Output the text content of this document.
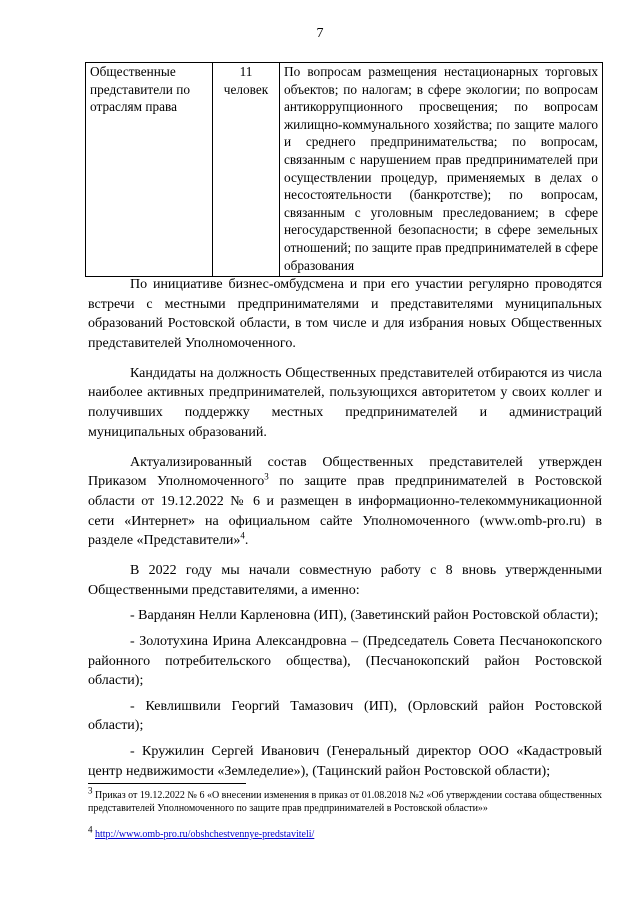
7
Общественные представители по отраслям права	11 человек	По вопросам размещения нестационарных торговых объектов; по налогам; в сфере экологии; по вопросам антикоррупционного просвещения; по вопросам жилищно-коммунального хозяйства; по защите малого и среднего предпринимательства; по вопросам, связанным с нарушением прав предпринимателей при осуществлении процедур, применяемых в делах о несостоятельности (банкротстве); по вопросам, связанным с уголовным преследованием; в сфере негосударственной безопасности; в сфере земельных отношений; по защите прав предпринимателей в сфере образования

По инициативе бизнес-омбудсмена и при его участии регулярно проводятся встречи с местными предпринимателями и представителями муниципальных образований Ростовской области, в том числе и для избрания новых Общественных представителей Уполномоченного.

Кандидаты на должность Общественных представителей отбираются из числа наиболее активных предпринимателей, пользующихся авторитетом у своих коллег и получивших поддержку местных предпринимателей и администраций муниципальных образований.

Актуализированный состав Общественных представителей утвержден Приказом Уполномоченного$^3$ по защите прав предпринимателей в Ростовской области от 19.12.2022 № 6 и размещен в информационно-телекоммуникационной сети «Интернет» на официальном сайте Уполномоченного (www.omb-pro.ru) в разделе «Представители»$^4$.

В 2022 году мы начали совместную работу с 8 вновь утвержденными Общественными представителями, а именно:

- Варданян Нелли Карленовна (ИП), (Заветинский район Ростовской области);

- Золотухина Ирина Александровна – (Председатель Совета Песчанокопского районного потребительского общества), (Песчанокопский район Ростовской области);

- Кевлишвили Георгий Тамазович (ИП), (Орловский район Ростовской области);

- Кружилин Сергей Иванович (Генеральный директор ООО «Кадастровый центр недвижимости «Земледелие»), (Тацинский район Ростовской области);

$^3$ Приказ от 19.12.2022 № 6 «О внесении изменения в приказ от 01.08.2018 №2 «Об утверждении состава общественных представителей Уполномоченного по защите прав предпринимателей в Ростовской области»»

$^4$ http://www.omb-pro.ru/obshchestvennye-predstaviteli/
